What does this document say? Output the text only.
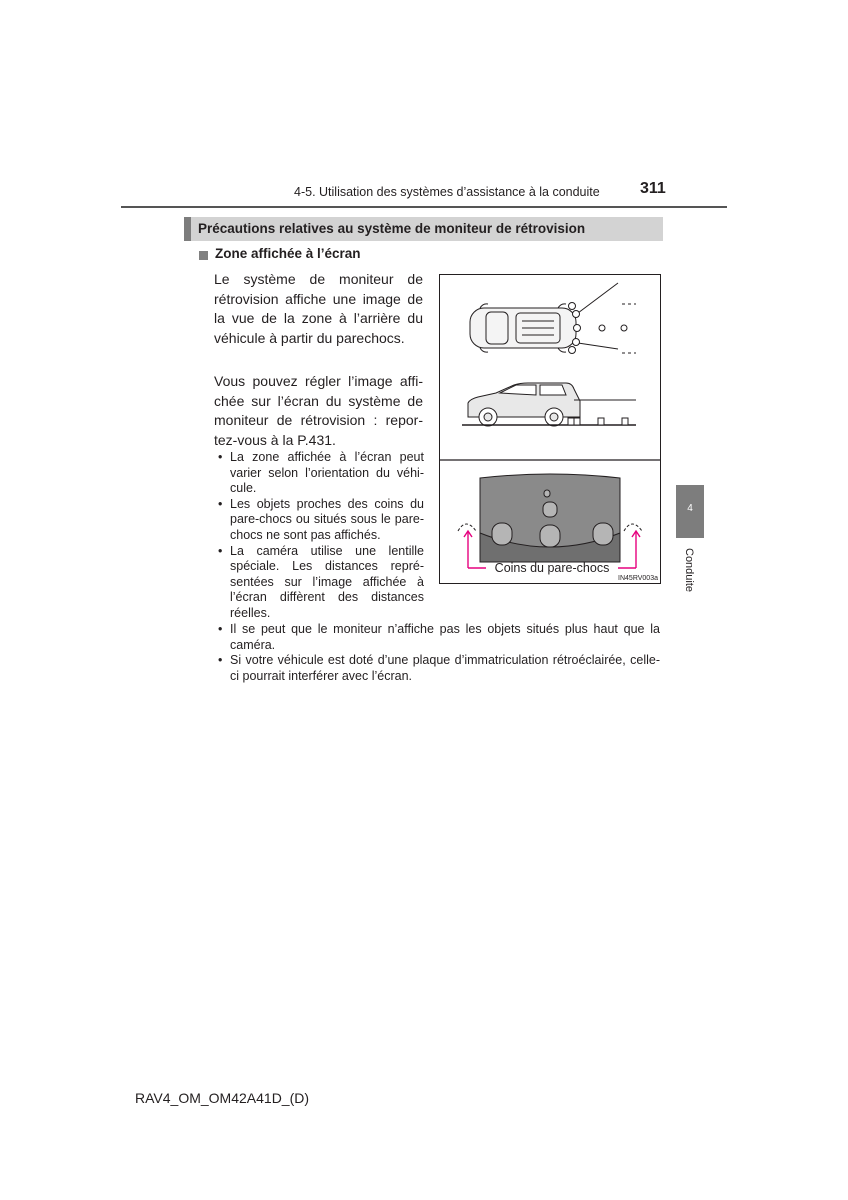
4-5. Utilisation des systèmes d’assistance à la conduite	311
Précautions relatives au système de moniteur de rétrovision
Zone affichée à l’écran

Le système de moniteur de rétrovision affiche une image de la vue de la zone à l’arrière du véhicule à partir du parechocs.

Vous pouvez régler l’image affichée sur l’écran du système de moniteur de rétrovision : reportez-vous à la P.431.

• La zone affichée à l’écran peut varier selon l’orientation du véhicule.
• Les objets proches des coins du pare-chocs ou situés sous le pare-chocs ne sont pas affichés.
• La caméra utilise une lentille spéciale. Les distances représentées sur l’image affichée à l’écran diffèrent des distances réelles.
• Il se peut que le moniteur n’affiche pas les objets situés plus haut que la caméra.
• Si votre véhicule est doté d’une plaque d’immatriculation rétroéclairée, celle-ci pourrait interférer avec l’écran.
Coins du pare-chocs
IN45RV003a
4
Conduite
RAV4_OM_OM42A41D_(D)
